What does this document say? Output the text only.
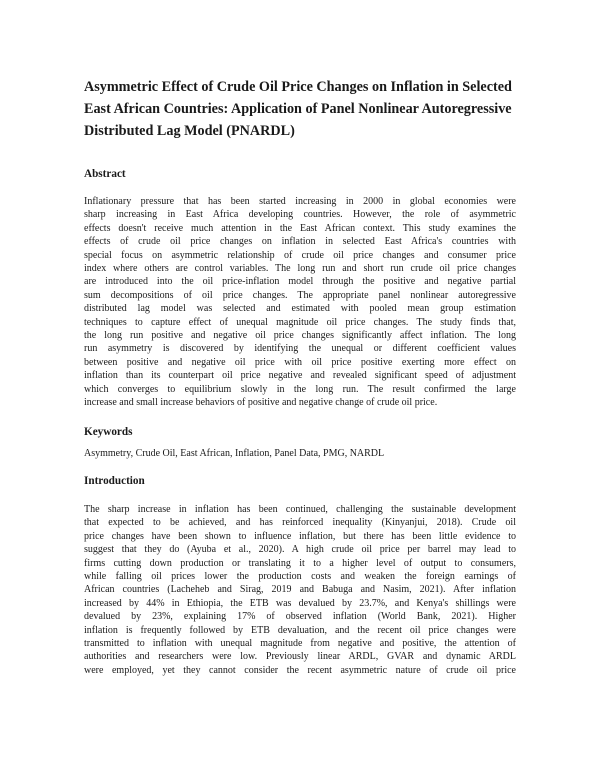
Asymmetric Effect of Crude Oil Price Changes on Inflation in Selected
East African Countries: Application of Panel Nonlinear Autoregressive
Distributed Lag Model (PNARDL)
Abstract

Inflationary pressure that has been started increasing in 2000 in global economies were
sharp increasing in East Africa developing countries. However, the role of asymmetric
effects doesn't receive much attention in the East African context. This study examines the
effects of crude oil price changes on inflation in selected East Africa's countries with
special focus on asymmetric relationship of crude oil price changes and consumer price
index where others are control variables. The long run and short run crude oil price changes
are introduced into the oil price-inflation model through the positive and negative partial
sum decompositions of oil price changes. The appropriate panel nonlinear autoregressive
distributed lag model was selected and estimated with pooled mean group estimation
techniques to capture effect of unequal magnitude oil price changes. The study finds that,
the long run positive and negative oil price changes significantly affect inflation. The long
run asymmetry is discovered by identifying the unequal or different coefficient values
between positive and negative oil price with oil price positive exerting more effect on
inflation than its counterpart oil price negative and revealed significant speed of adjustment
which converges to equilibrium slowly in the long run. The result confirmed the large
increase and small increase behaviors of positive and negative change of crude oil price.

Keywords

Asymmetry, Crude Oil, East African, Inflation, Panel Data, PMG, NARDL

Introduction

The sharp increase in inflation has been continued, challenging the sustainable development
that expected to be achieved, and has reinforced inequality (Kinyanjui, 2018). Crude oil
price changes have been shown to influence inflation, but there has been little evidence to
suggest that they do (Ayuba et al., 2020). A high crude oil price per barrel may lead to
firms cutting down production or translating it to a higher level of output to consumers,
while falling oil prices lower the production costs and weaken the foreign earnings of
African countries (Lacheheb and Sirag, 2019 and Babuga and Nasim, 2021). After inflation
increased by 44% in Ethiopia, the ETB was devalued by 23.7%, and Kenya's shillings were
devalued by 23%, explaining 17% of observed inflation (World Bank, 2021). Higher
inflation is frequently followed by ETB devaluation, and the recent oil price changes were
transmitted to inflation with unequal magnitude from negative and positive, the attention of
authorities and researchers were low. Previously linear ARDL, GVAR and dynamic ARDL
were employed, yet they cannot consider the recent asymmetric nature of crude oil price
